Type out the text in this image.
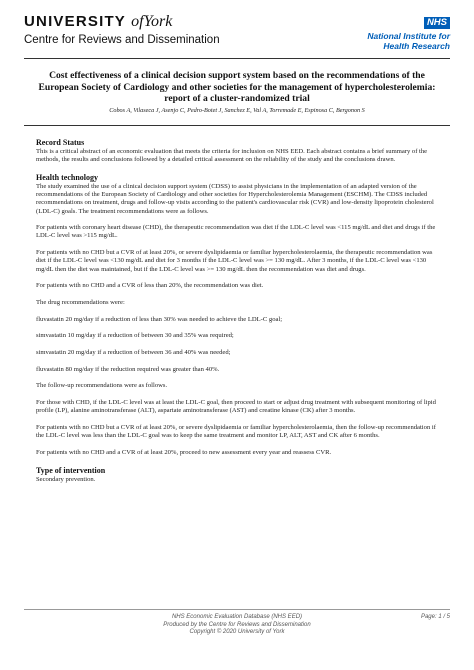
UNIVERSITY ofYork
Centre for Reviews and Dissemination
NHS
National Institute for
Health Research
Cost effectiveness of a clinical decision support system based on the recommendations of the European Society of Cardiology and other societies for the management of hypercholesterolemia: report of a cluster-randomized trial
Cobos A, Vilaseca J, Asenjo C, Pedro-Botet J, Sanchez E, Val A, Torremade E, Espinosa C, Bergonon S
Record Status

This is a critical abstract of an economic evaluation that meets the criteria for inclusion on NHS EED. Each abstract contains a brief summary of the methods, the results and conclusions followed by a detailed critical assessment on the reliability of the study and the conclusions drawn.

Health technology

The study examined the use of a clinical decision support system (CDSS) to assist physicians in the implementation of an adapted version of the recommendations of the European Society of Cardiology and other societies for Hypercholesterolemia Management (ESCHM). The CDSS included recommendations on treatment, drugs and follow-up visits according to the patient's cardiovascular risk (CVR) and low-density lipoprotein cholesterol (LDL-C) goals. The treatment recommendations were as follows.

For patients with coronary heart disease (CHD), the therapeutic recommendation was diet if the LDL-C level was <115 mg/dL and diet and drugs if the LDL-C level was >115 mg/dL.

For patients with no CHD but a CVR of at least 20%, or severe dyslipidaemia or familiar hypercholesterolaemia, the therapeutic recommendation was diet if the LDL-C level was <130 mg/dL and diet for 3 months if the LDL-C level was >= 130 mg/dL. After 3 months, if the LDL-C level was <130 mg/dL then the diet was maintained, but if the LDL-C level was >= 130 mg/dL then the recommendation was diet and drugs.

For patients with no CHD and a CVR of less than 20%, the recommendation was diet.

The drug recommendations were:

fluvastatin 20 mg/day if a reduction of less than 30% was needed to achieve the LDL-C goal;

simvastatin 10 mg/day if a reduction of between 30 and 35% was required;

simvastatin 20 mg/day if a reduction of between 36 and 40% was needed;

fluvastatin 80 mg/day if the reduction required was greater than 40%.

The follow-up recommendations were as follows.

For those with CHD, if the LDL-C level was at least the LDL-C goal, then proceed to start or adjust drug treatment with subsequent monitoring of lipid profile (LP), alanine aminotransferase (ALT), aspartate aminotransferase (AST) and creatine kinase (CK) after 3 months.

For patients with no CHD but a CVR of at least 20%, or severe dyslipidaemia or familiar hypercholesterolaemia, then the follow-up recommendation if the LDL-C level was less than the LDL-C goal was to keep the same treatment and monitor LP, ALT, AST and CK after 6 months.

For patients with no CHD and a CVR of at least 20%, proceed to new assessment every year and reassess CVR.

Type of intervention

Secondary prevention.

NHS Economic Evaluation Database (NHS EED)
Produced by the Centre for Reviews and Dissemination
Copyright © 2020 University of York
Page: 1 / 5
